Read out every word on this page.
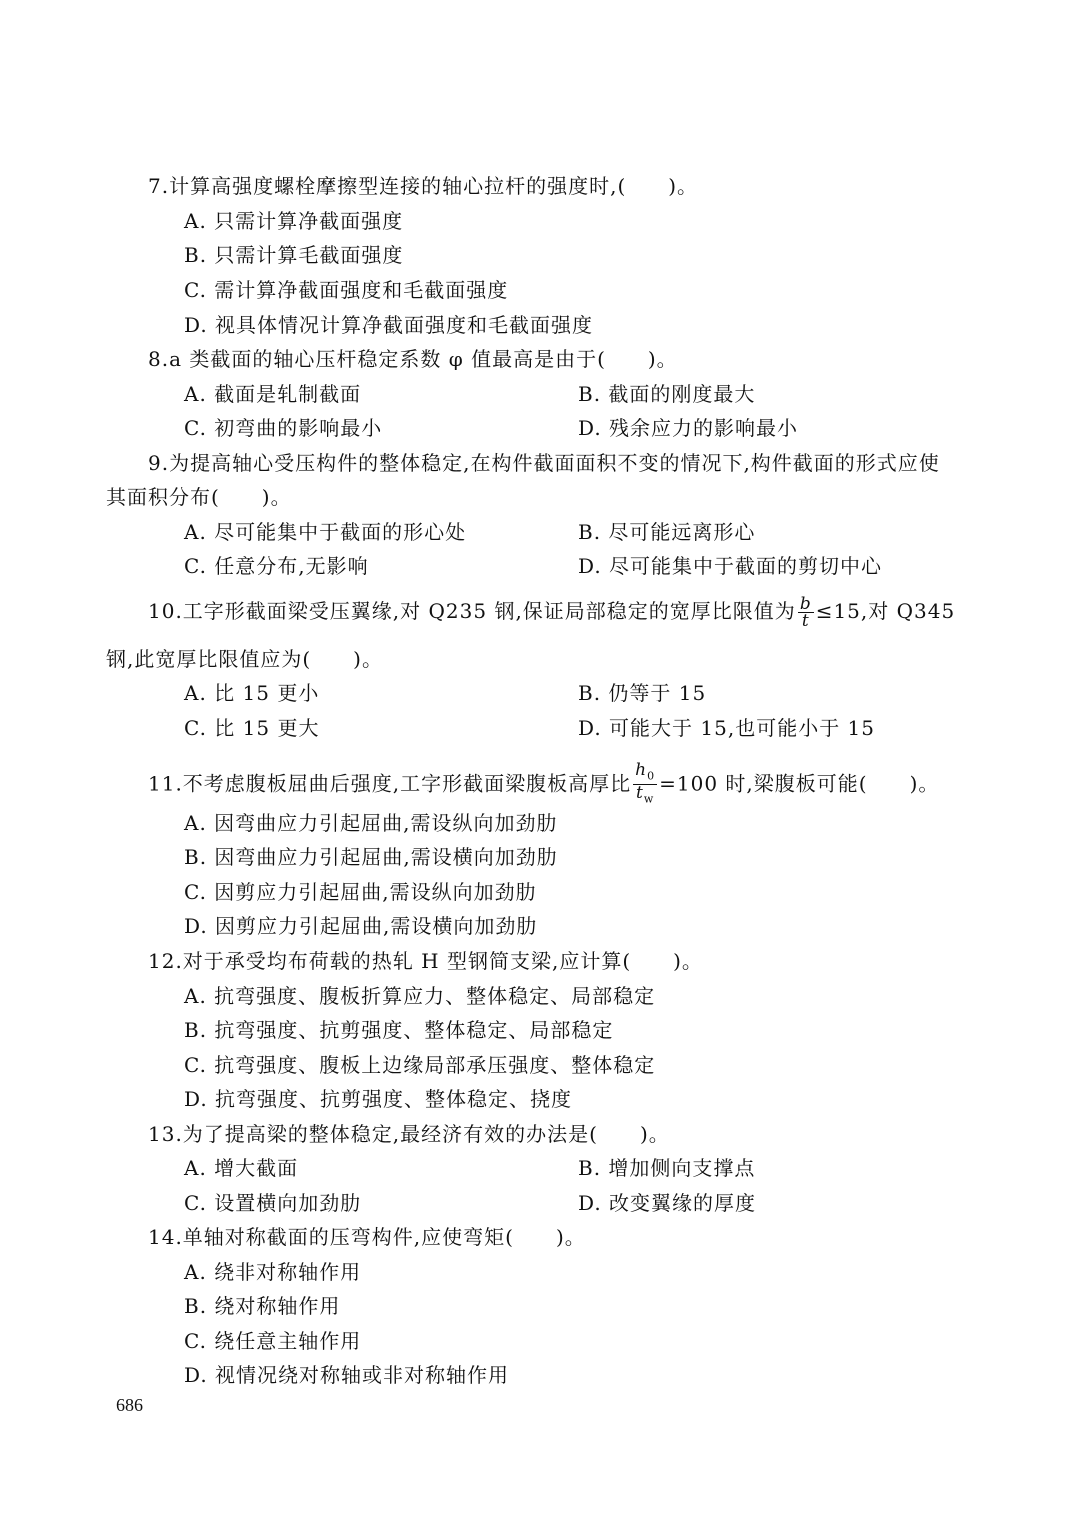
7.计算高强度螺栓摩擦型连接的轴心拉杆的强度时,(　　)。
A. 只需计算净截面强度
B. 只需计算毛截面强度
C. 需计算净截面强度和毛截面强度
D. 视具体情况计算净截面强度和毛截面强度
8.a 类截面的轴心压杆稳定系数 φ 值最高是由于(　　)。
A. 截面是轧制截面	B. 截面的刚度最大
C. 初弯曲的影响最小	D. 残余应力的影响最小
9.为提高轴心受压构件的整体稳定,在构件截面面积不变的情况下,构件截面的形式应使
其面积分布(　　)。
A. 尽可能集中于截面的形心处	B. 尽可能远离形心
C. 任意分布,无影响	D. 尽可能集中于截面的剪切中心
10.工字形截面梁受压翼缘,对 Q235 钢,保证局部稳定的宽厚比限值为 $\frac{b}{t} \le 15$,对 Q345
钢,此宽厚比限值应为(　　)。
A. 比 15 更小	B. 仍等于 15
C. 比 15 更大	D. 可能大于 15,也可能小于 15
11.不考虑腹板屈曲后强度,工字形截面梁腹板高厚比 $\frac{h_0}{t_w} =100$ 时,梁腹板可能(　　)。
A. 因弯曲应力引起屈曲,需设纵向加劲肋
B. 因弯曲应力引起屈曲,需设横向加劲肋
C. 因剪应力引起屈曲,需设纵向加劲肋
D. 因剪应力引起屈曲,需设横向加劲肋
12.对于承受均布荷载的热轧 H 型钢简支梁,应计算(　　)。
A. 抗弯强度、腹板折算应力、整体稳定、局部稳定
B. 抗弯强度、抗剪强度、整体稳定、局部稳定
C. 抗弯强度、腹板上边缘局部承压强度、整体稳定
D. 抗弯强度、抗剪强度、整体稳定、挠度
13.为了提高梁的整体稳定,最经济有效的办法是(　　)。
A. 增大截面	B. 增加侧向支撑点
C. 设置横向加劲肋	D. 改变翼缘的厚度
14.单轴对称截面的压弯构件,应使弯矩(　　)。
A. 绕非对称轴作用
B. 绕对称轴作用
C. 绕任意主轴作用
D. 视情况绕对称轴或非对称轴作用
686
